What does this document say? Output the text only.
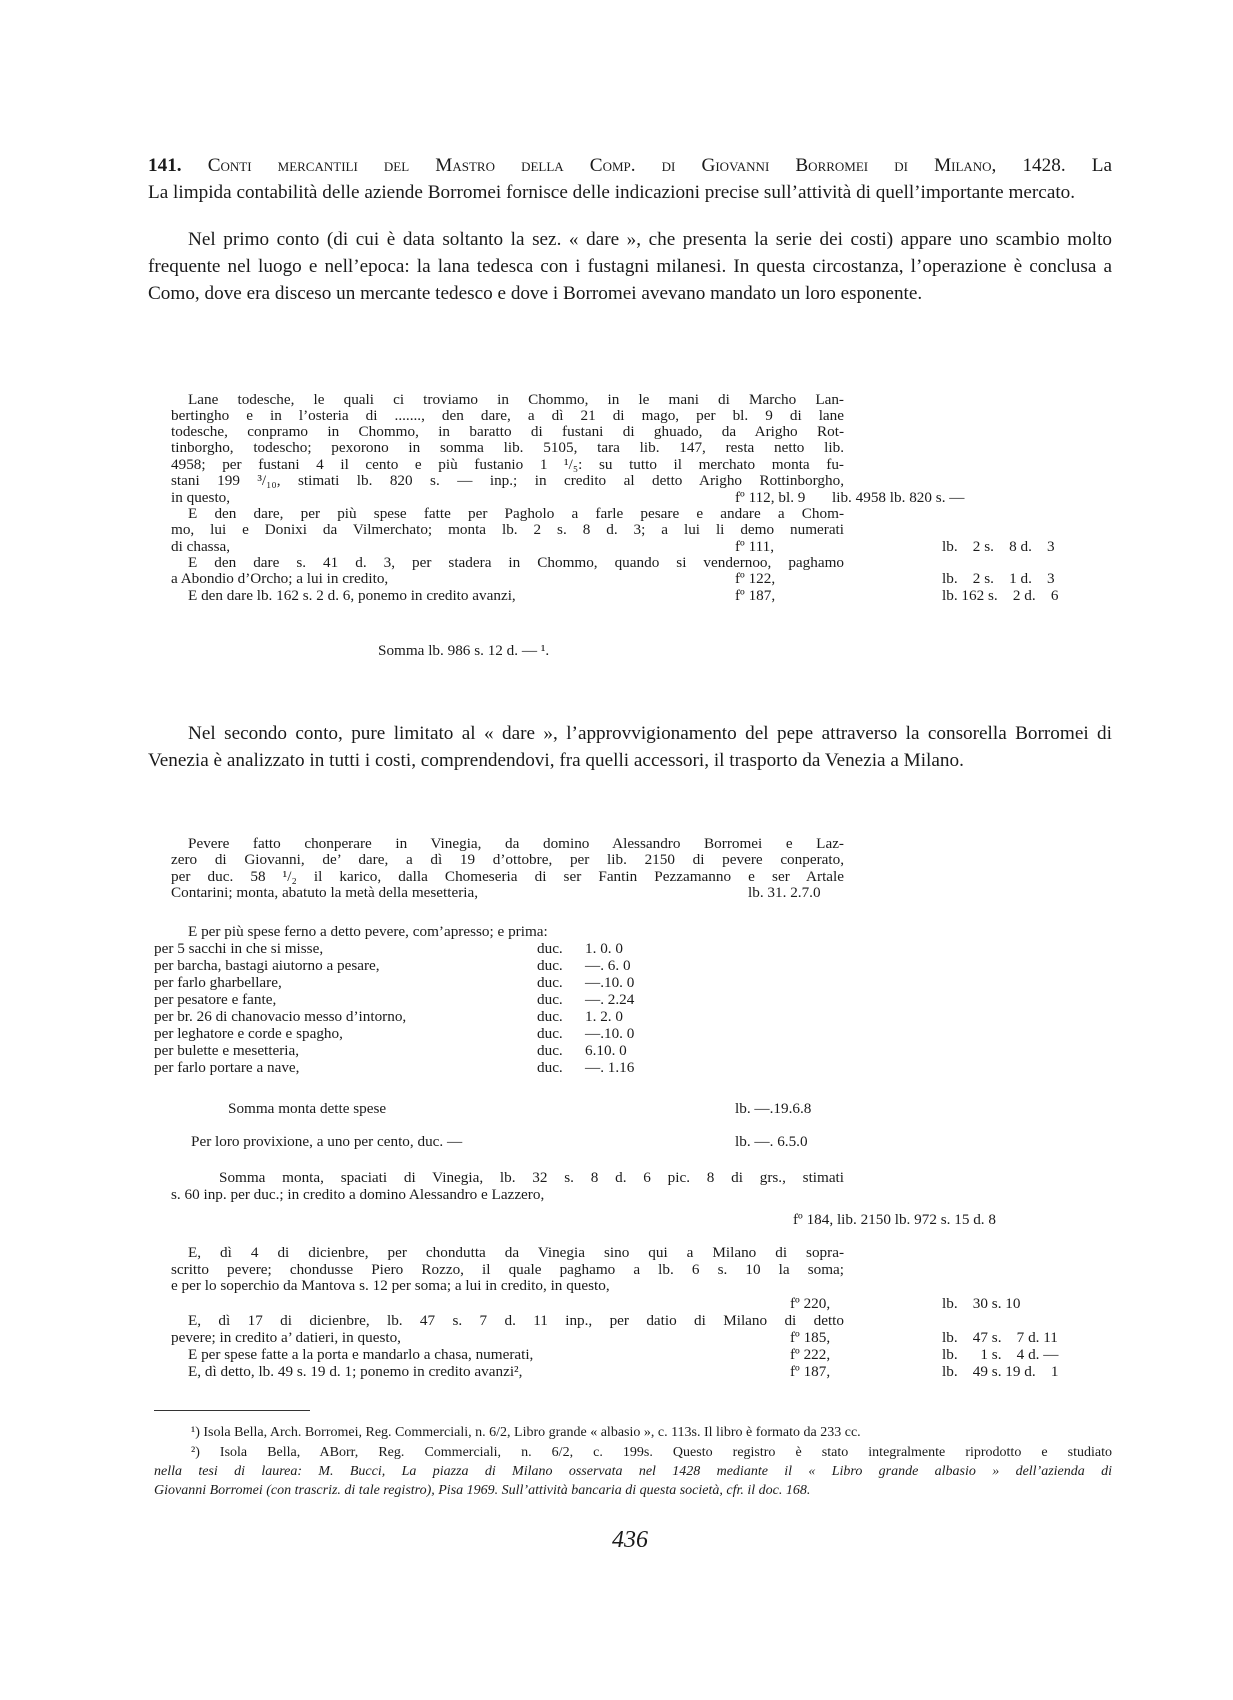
141. Conti mercantili del Mastro della Comp. di Giovanni Borromei di Milano, 1428. La
La limpida contabilità delle aziende Borromei fornisce delle indicazioni precise sull’attività di quell’importante mercato.
Nel primo conto (di cui è data soltanto la sez. « dare », che presenta la serie dei costi) appare uno scambio molto frequente nel luogo e nell’epoca: la lana tedesca con i fustagni milanesi. In questa circostanza, l’operazione è conclusa a Como, dove era disceso un mercante tedesco e dove i Borromei avevano mandato un loro esponente.
Lane todesche, le quali ci troviamo in Chommo, in le mani di Marcho Lan-
bertingho e in l’osteria di ......., den dare, a dì 21 di mago, per bl. 9 di lane
todesche, conpramo in Chommo, in baratto di fustani di ghuado, da Arigho Rot-
tinborgho, todescho; pexorono in somma lib. 5105, tara lib. 147, resta netto lib.
4958; per fustani 4 il cento e più fustanio 1 ¹/₅: su tutto il merchato monta fu-
stani 199 ³/₁₀, stimati lb. 820 s. — inp.; in credito al detto Arigho Rottinborgho,
in questo,	fº 112, bl. 9 lib. 4958 lb. 820 s. —
E den dare, per più spese fatte per Pagholo a farle pesare e andare a Chom-
mo, lui e Donixi da Vilmerchato; monta lb. 2 s. 8 d. 3; a lui li demo numerati
di chassa,	fº 111,	lb.    2 s.    8 d.    3
E den dare s. 41 d. 3, per stadera in Chommo, quando si vendernoo, paghamo
a Abondio d’Orcho; a lui in credito,	fº 122,	lb.    2 s.    1 d.    3
E den dare lb. 162 s. 2 d. 6, ponemo in credito avanzi,	fº 187,	lb. 162 s.    2 d.    6
Somma lb. 986 s. 12 d. — ¹.
Nel secondo conto, pure limitato al « dare », l’approvvigionamento del pepe attraverso la consorella Borromei di Venezia è analizzato in tutti i costi, comprendendovi, fra quelli accessori, il trasporto da Venezia a Milano.
Pevere fatto chonperare in Vinegia, da domino Alessandro Borromei e Laz-
zero di Giovanni, de’ dare, a dì 19 d’ottobre, per lib. 2150 di pevere conperato,
per duc. 58 ¹/₂ il karico, dalla Chomeseria di ser Fantin Pezzamanno e ser Artale
Contarini; monta, abatuto la metà della mesetteria,	lb. 31. 2.7.0
E per più spese ferno a detto pevere, com’apresso; e prima:
per 5 sacchi in che si misse,	duc. 1. 0. 0
per barcha, bastagi aiutorno a pesare,	duc. —. 6. 0
per farlo gharbellare,	duc. —.10. 0
per pesatore e fante,	duc. —. 2.24
per br. 26 di chanovacio messo d’intorno,	duc. 1. 2. 0
per leghatore e corde e spagho,	duc. —.10. 0
per bulette e mesetteria,	duc. 6.10. 0
per farlo portare a nave,	duc. —. 1.16
Somma monta dette spese	lb. —.19.6.8
Per loro provixione, a uno per cento, duc. —	lb. —. 6.5.0
Somma monta, spaciati di Vinegia, lb. 32 s. 8 d. 6 pic. 8 di grs., stimati
s. 60 inp. per duc.; in credito a domino Alessandro e Lazzero,
fº 184, lib. 2150 lb. 972 s. 15 d. 8
E, dì 4 di dicienbre, per chondutta da Vinegia sino qui a Milano di sopra-
scritto pevere; chondusse Piero Rozzo, il quale paghamo a lb. 6 s. 10 la soma;
e per lo soperchio da Mantova s. 12 per soma; a lui in credito, in questo,
fº 220,	lb.    30 s. 10
E, dì 17 di dicienbre, lb. 47 s. 7 d. 11 inp., per datio di Milano di detto
pevere; in credito a’ datieri, in questo,	fº 185,	lb.    47 s.    7 d. 11
E per spese fatte a la porta e mandarlo a chasa, numerati,	fº 222,	lb.      1 s.    4 d. —
E, dì detto, lb. 49 s. 19 d. 1; ponemo in credito avanzi²,	fº 187,	lb.    49 s. 19 d.    1
¹) Isola Bella, Arch. Borromei, Reg. Commerciali, n. 6/2, Libro grande « albasio », c. 113s. Il libro è formato da 233 cc.
²) Isola Bella, ABorr, Reg. Commerciali, n. 6/2, c. 199s. Questo registro è stato integralmente riprodotto e studiato
nella tesi di laurea: M. Bucci, La piazza di Milano osservata nel 1428 mediante il « Libro grande albasio » dell’azienda di
Giovanni Borromei (con trascriz. di tale registro), Pisa 1969. Sull’attività bancaria di questa società, cfr. il doc. 168.
436
